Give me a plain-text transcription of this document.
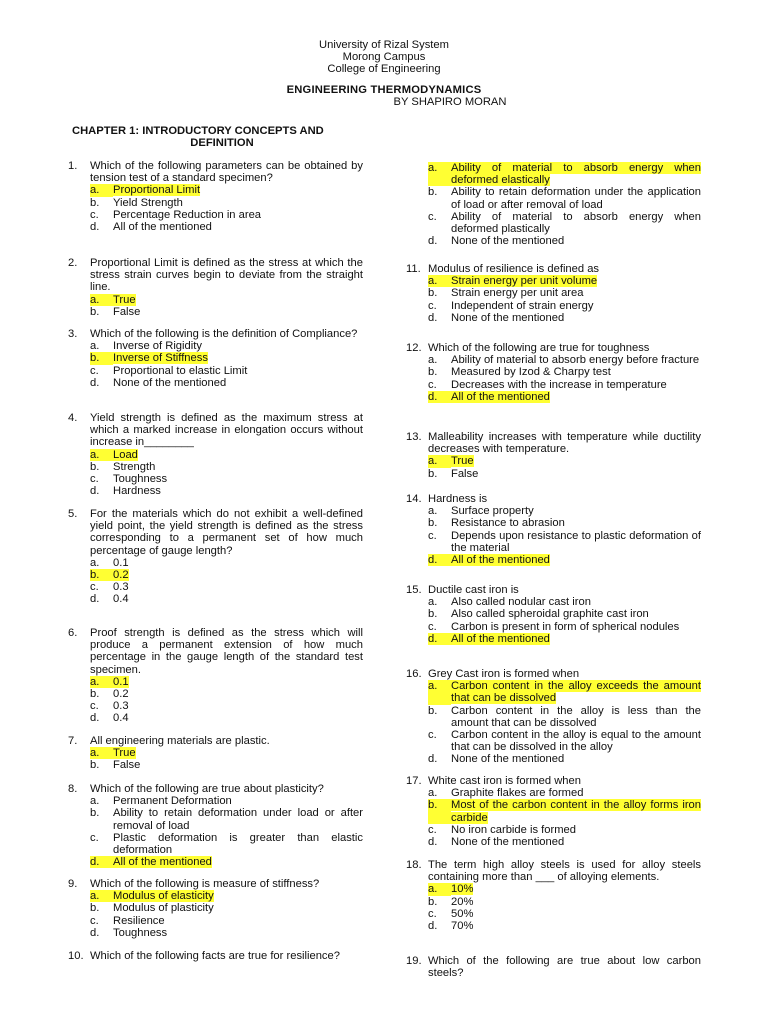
University of Rizal System
Morong Campus
College of Engineering
ENGINEERING THERMODYNAMICS
BY SHAPIRO MORAN
CHAPTER 1: INTRODUCTORY CONCEPTS AND
DEFINITION
1.	Which of the following parameters can be obtained by tension test of a standard specimen?
a.	Proportional Limit
b.	Yield Strength
c.	Percentage Reduction in area
d.	All of the mentioned
2.	Proportional Limit is defined as the stress at which the stress strain curves begin to deviate from the straight line.
a.	True
b.	False
3.	Which of the following is the definition of Compliance?
a.	Inverse of Rigidity
b.	Inverse of Stiffness
c.	Proportional to elastic Limit
d.	None of the mentioned
4.	Yield strength is defined as the maximum stress at which a marked increase in elongation occurs without increase in________
a.	Load
b.	Strength
c.	Toughness
d.	Hardness
5.	For the materials which do not exhibit a well-defined yield point, the yield strength is defined as the stress corresponding to a permanent set of how much percentage of gauge length?
a.	0.1
b.	0.2
c.	0.3
d.	0.4
6.	Proof strength is defined as the stress which will produce a permanent extension of how much percentage in the gauge length of the standard test specimen.
a.	0.1
b.	0.2
c.	0.3
d.	0.4
7.	All engineering materials are plastic.
a.	True
b.	False
8.	Which of the following are true about plasticity?
a.	Permanent Deformation
b.	Ability to retain deformation under load or after removal of load
c.	Plastic deformation is greater than elastic deformation
d.	All of the mentioned
9.	Which of the following is measure of stiffness?
a.	Modulus of elasticity
b.	Modulus of plasticity
c.	Resilience
d.	Toughness
10. Which of the following facts are true for resilience?
a.	Ability of material to absorb energy when deformed elastically
b.	Ability to retain deformation under the application of load or after removal of load
c.	Ability of material to absorb energy when deformed plastically
d.	None of the mentioned
11. Modulus of resilience is defined as
a.	Strain energy per unit volume
b.	Strain energy per unit area
c.	Independent of strain energy
d.	None of the mentioned
12. Which of the following are true for toughness
a.	Ability of material to absorb energy before fracture
b.	Measured by Izod & Charpy test
c.	Decreases with the increase in temperature
d.	All of the mentioned
13. Malleability increases with temperature while ductility decreases with temperature.
a.	True
b.	False
14. Hardness is
a.	Surface property
b.	Resistance to abrasion
c.	Depends upon resistance to plastic deformation of the material
d.	All of the mentioned
15. Ductile cast iron is
a.	Also called nodular cast iron
b.	Also called spheroidal graphite cast iron
c.	Carbon is present in form of spherical nodules
d.	All of the mentioned
16. Grey Cast iron is formed when
a.	Carbon content in the alloy exceeds the amount that can be dissolved
b.	Carbon content in the alloy is less than the amount that can be dissolved
c.	Carbon content in the alloy is equal to the amount that can be dissolved in the alloy
d.	None of the mentioned
17. White cast iron is formed when
a.	Graphite flakes are formed
b.	Most of the carbon content in the alloy forms iron carbide
c.	No iron carbide is formed
d.	None of the mentioned
18. The term high alloy steels is used for alloy steels containing more than ___ of alloying elements.
a.	10%
b.	20%
c.	50%
d.	70%
19. Which of the following are true about low carbon steels?
